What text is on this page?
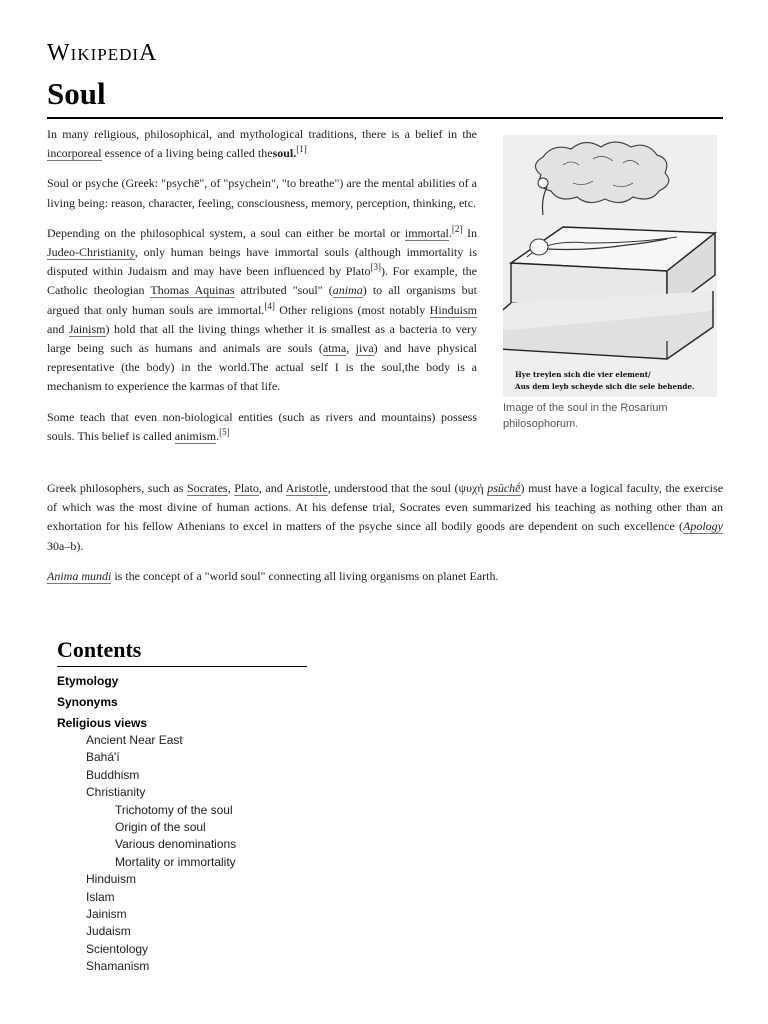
WIKIPEDIA
Soul

In many religious, philosophical, and mythological traditions, there is a belief in the incorporeal essence of a living being called thesoul.[1]

Soul or psyche (Greek: "psychē", of "psychein", "to breathe") are the mental abilities of a living being: reason, character, feeling, consciousness, memory, perception, thinking, etc.

Depending on the philosophical system, a soul can either be mortal or immortal.[2] In Judeo-Christianity, only human beings have immortal souls (although immortality is disputed within Judaism and may have been influenced by Plato[3]). For example, the Catholic theologian Thomas Aquinas attributed "soul" (anima) to all organisms but argued that only human souls are immortal.[4] Other religions (most notably Hinduism and Jainism) hold that all the living things whether it is smallest as a bacteria to very large being such as humans and animals are souls (atma, jiva) and have physical representative (the body) in the world.The actual self I is the soul,the body is a mechanism to experience the karmas of that life.

Some teach that even non-biological entities (such as rivers and mountains) possess souls. This belief is called animism.[5]

Hye treylen sich die vier element/
Aus dem leyb scheyde sich die sele behende.
Image of the soul in the Rosarium philosophorum.

Greek philosophers, such as Socrates, Plato, and Aristotle, understood that the soul (ψυχή psūchḗ) must have a logical faculty, the exercise of which was the most divine of human actions. At his defense trial, Socrates even summarized his teaching as nothing other than an exhortation for his fellow Athenians to excel in matters of the psyche since all bodily goods are dependent on such excellence (Apology 30a–b).

Anima mundi is the concept of a "world soul" connecting all living organisms on planet Earth.

Contents
Etymology
Synonyms
Religious views
Ancient Near East
Bahá'í
Buddhism
Christianity
Trichotomy of the soul
Origin of the soul
Various denominations
Mortality or immortality
Hinduism
Islam
Jainism
Judaism
Scientology
Shamanism
